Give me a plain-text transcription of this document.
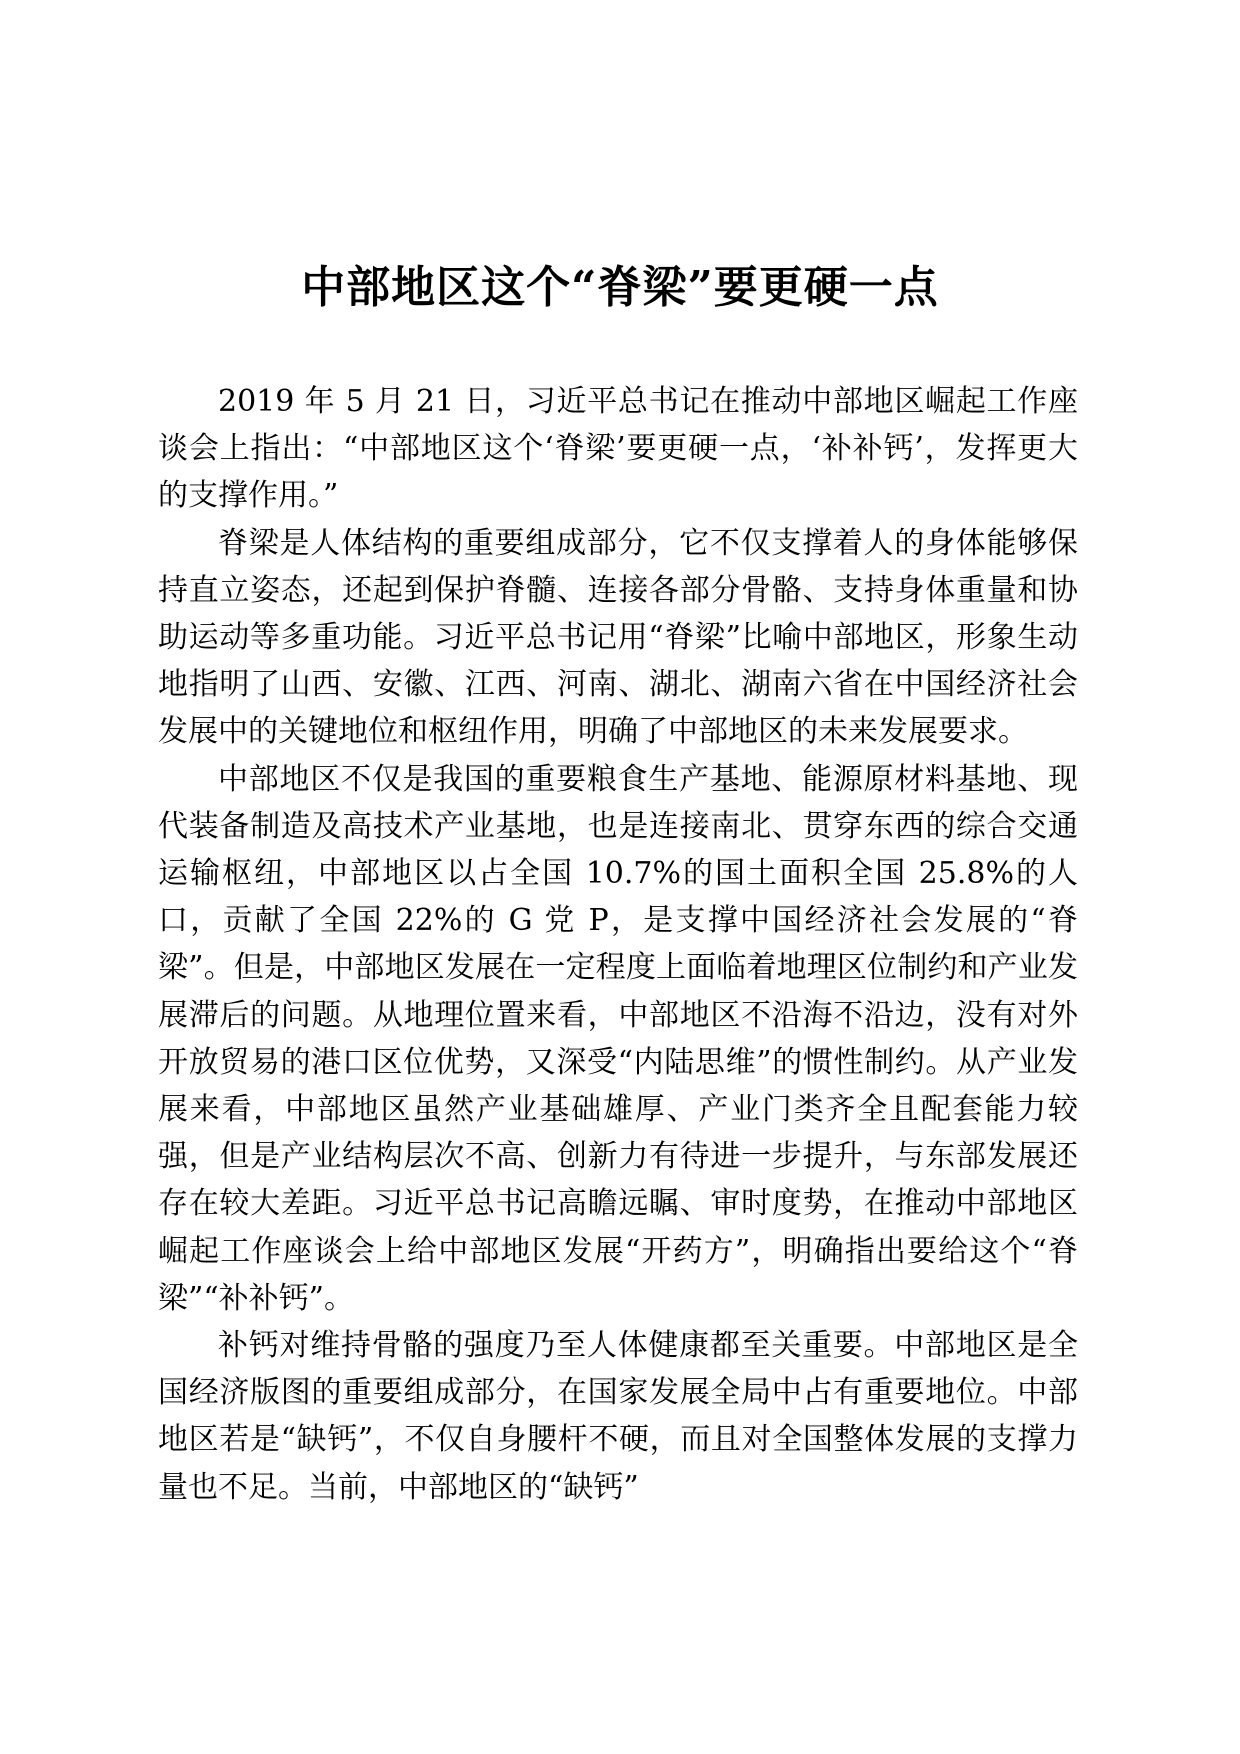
中部地区这个“脊梁”要更硬一点

2019 年 5 月 21 日，习近平总书记在推动中部地区崛起工作座谈会上指出：“中部地区这个‘脊梁’要更硬一点，‘补补钙’，发挥更大的支撑作用。”

脊梁是人体结构的重要组成部分，它不仅支撑着人的身体能够保持直立姿态，还起到保护脊髓、连接各部分骨骼、支持身体重量和协助运动等多重功能。习近平总书记用“脊梁”比喻中部地区，形象生动地指明了山西、安徽、江西、河南、湖北、湖南六省在中国经济社会发展中的关键地位和枢纽作用，明确了中部地区的未来发展要求。

中部地区不仅是我国的重要粮食生产基地、能源原材料基地、现代装备制造及高技术产业基地，也是连接南北、贯穿东西的综合交通运输枢纽，中部地区以占全国 10.7%的国土面积全国 25.8%的人口，贡献了全国 22%的 G 党 P，是支撑中国经济社会发展的“脊梁”。但是，中部地区发展在一定程度上面临着地理区位制约和产业发展滞后的问题。从地理位置来看，中部地区不沿海不沿边，没有对外开放贸易的港口区位优势，又深受“内陆思维”的惯性制约。从产业发展来看，中部地区虽然产业基础雄厚、产业门类齐全且配套能力较强，但是产业结构层次不高、创新力有待进一步提升，与东部发展还存在较大差距。习近平总书记高瞻远瞩、审时度势，在推动中部地区崛起工作座谈会上给中部地区发展“开药方”，明确指出要给这个“脊梁”“补补钙”。

补钙对维持骨骼的强度乃至人体健康都至关重要。中部地区是全国经济版图的重要组成部分，在国家发展全局中占有重要地位。中部地区若是“缺钙”，不仅自身腰杆不硬，而且对全国整体发展的支撑力量也不足。当前，中部地区的“缺钙”
